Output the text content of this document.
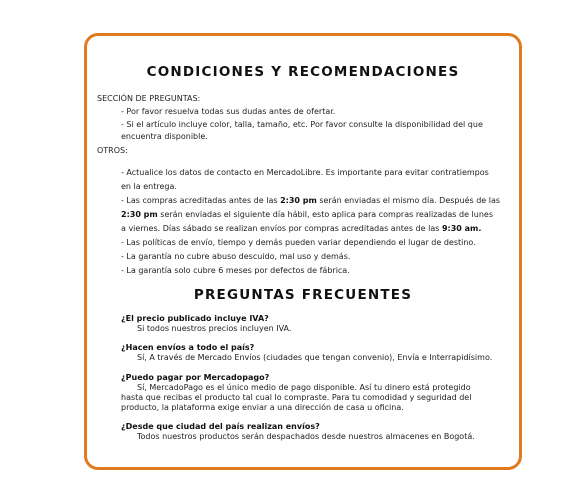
CONDICIONES Y RECOMENDACIONES
SECCIÓN DE PREGUNTAS:
- Por favor resuelva todas sus dudas antes de ofertar.
- Si el artículo incluye color, talla, tamaño, etc. Por favor consulte la disponibilidad del que
encuentra disponible.
OTROS:
- Actualice los datos de contacto en MercadoLibre. Es importante para evitar contratiempos
en la entrega.
- Las compras acreditadas antes de las 2:30 pm serán enviadas el mismo día. Después de las
2:30 pm serán enviadas el siguiente día hábil, esto aplica para compras realizadas de lunes
a viernes. Días sábado se realizan envíos por compras acreditadas antes de las 9:30 am.
- Las políticas de envío, tiempo y demás pueden variar dependiendo el lugar de destino.
- La garantía no cubre abuso descuido, mal uso y demás.
- La garantía solo cubre 6 meses por defectos de fábrica.
PREGUNTAS FRECUENTES
¿El precio publicado incluye IVA?
Si todos nuestros precios incluyen IVA.
¿Hacen envíos a todo el país?
Sí, A través de Mercado Envíos (ciudades que tengan convenio), Envía e Interrapidísimo.
¿Puedo pagar por Mercadopago?
Sí, MercadoPago es el único medio de pago disponible. Así tu dinero está protegido
hasta que recibas el producto tal cual lo compraste. Para tu comodidad y seguridad del
producto, la plataforma exige enviar a una dirección de casa u oficina.
¿Desde que ciudad del país realizan envíos?
Todos nuestros productos serán despachados desde nuestros almacenes en Bogotá.
